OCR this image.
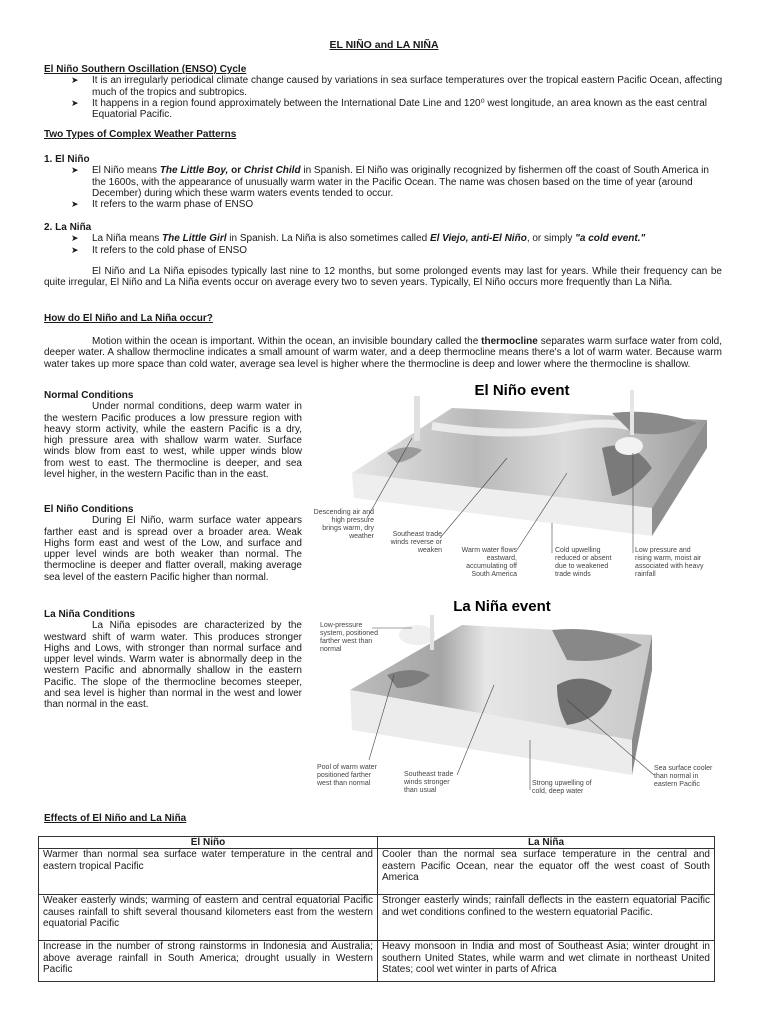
EL NIÑO and LA NIÑA
El Niño Southern Oscillation (ENSO) Cycle
➤ It is an irregularly periodical climate change caused by variations in sea surface temperatures over the tropical eastern Pacific Ocean, affecting much of the tropics and subtropics.
➤ It happens in a region found approximately between the International Date Line and 120⁰ west longitude, an area known as the east central Equatorial Pacific.
Two Types of Complex Weather Patterns
1. El Niño
➤ El Niño means The Little Boy, or Christ Child in Spanish. El Niño was originally recognized by fishermen off the coast of South America in the 1600s, with the appearance of unusually warm water in the Pacific Ocean. The name was chosen based on the time of year (around December) during which these warm waters events tended to occur.
➤ It refers to the warm phase of ENSO
2. La Niña
➤ La Niña means The Little Girl in Spanish. La Niña is also sometimes called El Viejo, anti-El Niño, or simply "a cold event."
➤ It refers to the cold phase of ENSO
El Niño and La Niña episodes typically last nine to 12 months, but some prolonged events may last for years. While their frequency can be quite irregular, El Niño and La Niña events occur on average every two to seven years. Typically, El Niño occurs more frequently than La Niña.
How do El Niño and La Niña occur?
Motion within the ocean is important. Within the ocean, an invisible boundary called the thermocline separates warm surface water from cold, deeper water. A shallow thermocline indicates a small amount of warm water, and a deep thermocline means there's a lot of warm water. Because warm water takes up more space than cold water, average sea level is higher where the thermocline is deep and lower where the thermocline is shallow.
Normal Conditions

Under normal conditions, deep warm water in the western Pacific produces a low pressure region with heavy storm activity, while the eastern Pacific is a dry, high pressure area with shallow warm water. Surface winds blow from east to west, while upper winds blow from west to east. The thermocline is deeper, and sea level higher, in the western Pacific than in the east.

El Niño Conditions

During El Niño, warm surface water appears farther east and is spread over a broader area. Weak Highs form east and west of the Low, and surface and upper level winds are both weaker than normal. The thermocline is deeper and flatter overall, making average sea level of the eastern Pacific higher than normal.

La Niña Conditions

La Niña episodes are characterized by the westward shift of warm water. This produces stronger Highs and Lows, with stronger than normal surface and upper level winds. Warm water is abnormally deep in the western Pacific and abnormally shallow in the eastern Pacific. The slope of the thermocline becomes steeper, and sea level is higher than normal in the west and lower than normal in the east.

El Niño event
Descending air and high pressure brings warm, dry weather	Southeast trade winds reverse or weaken	Warm water flows eastward, accumulating off South America
Cold upwelling reduced or absent due to weakened trade winds
Low pressure and rising warm, moist air associated with heavy rainfall
La Niña event
Low-pressure system, positioned farther west than normal
Pool of warm water positioned farther west than normal
Southeast trade winds stronger than usual
Strong upwelling of cold, deep water
Sea surface cooler than normal in eastern Pacific
Effects of El Niño and La Niña
El Niño	La Niña
Warmer than normal sea surface water temperature in the central and eastern tropical Pacific	Cooler than the normal sea surface temperature in the central and eastern Pacific Ocean, near the equator off the west coast of South America
Weaker easterly winds; warming of eastern and central equatorial Pacific causes rainfall to shift several thousand kilometers east from the western equatorial Pacific	Stronger easterly winds; rainfall deflects in the eastern equatorial Pacific and wet conditions confined to the western equatorial Pacific.
Increase in the number of strong rainstorms in Indonesia and Australia; above average rainfall in South America; drought usually in Western Pacific	Heavy monsoon in India and most of Southeast Asia; winter drought in southern United States, while warm and wet climate in northeast United States; cool wet winter in parts of Africa
